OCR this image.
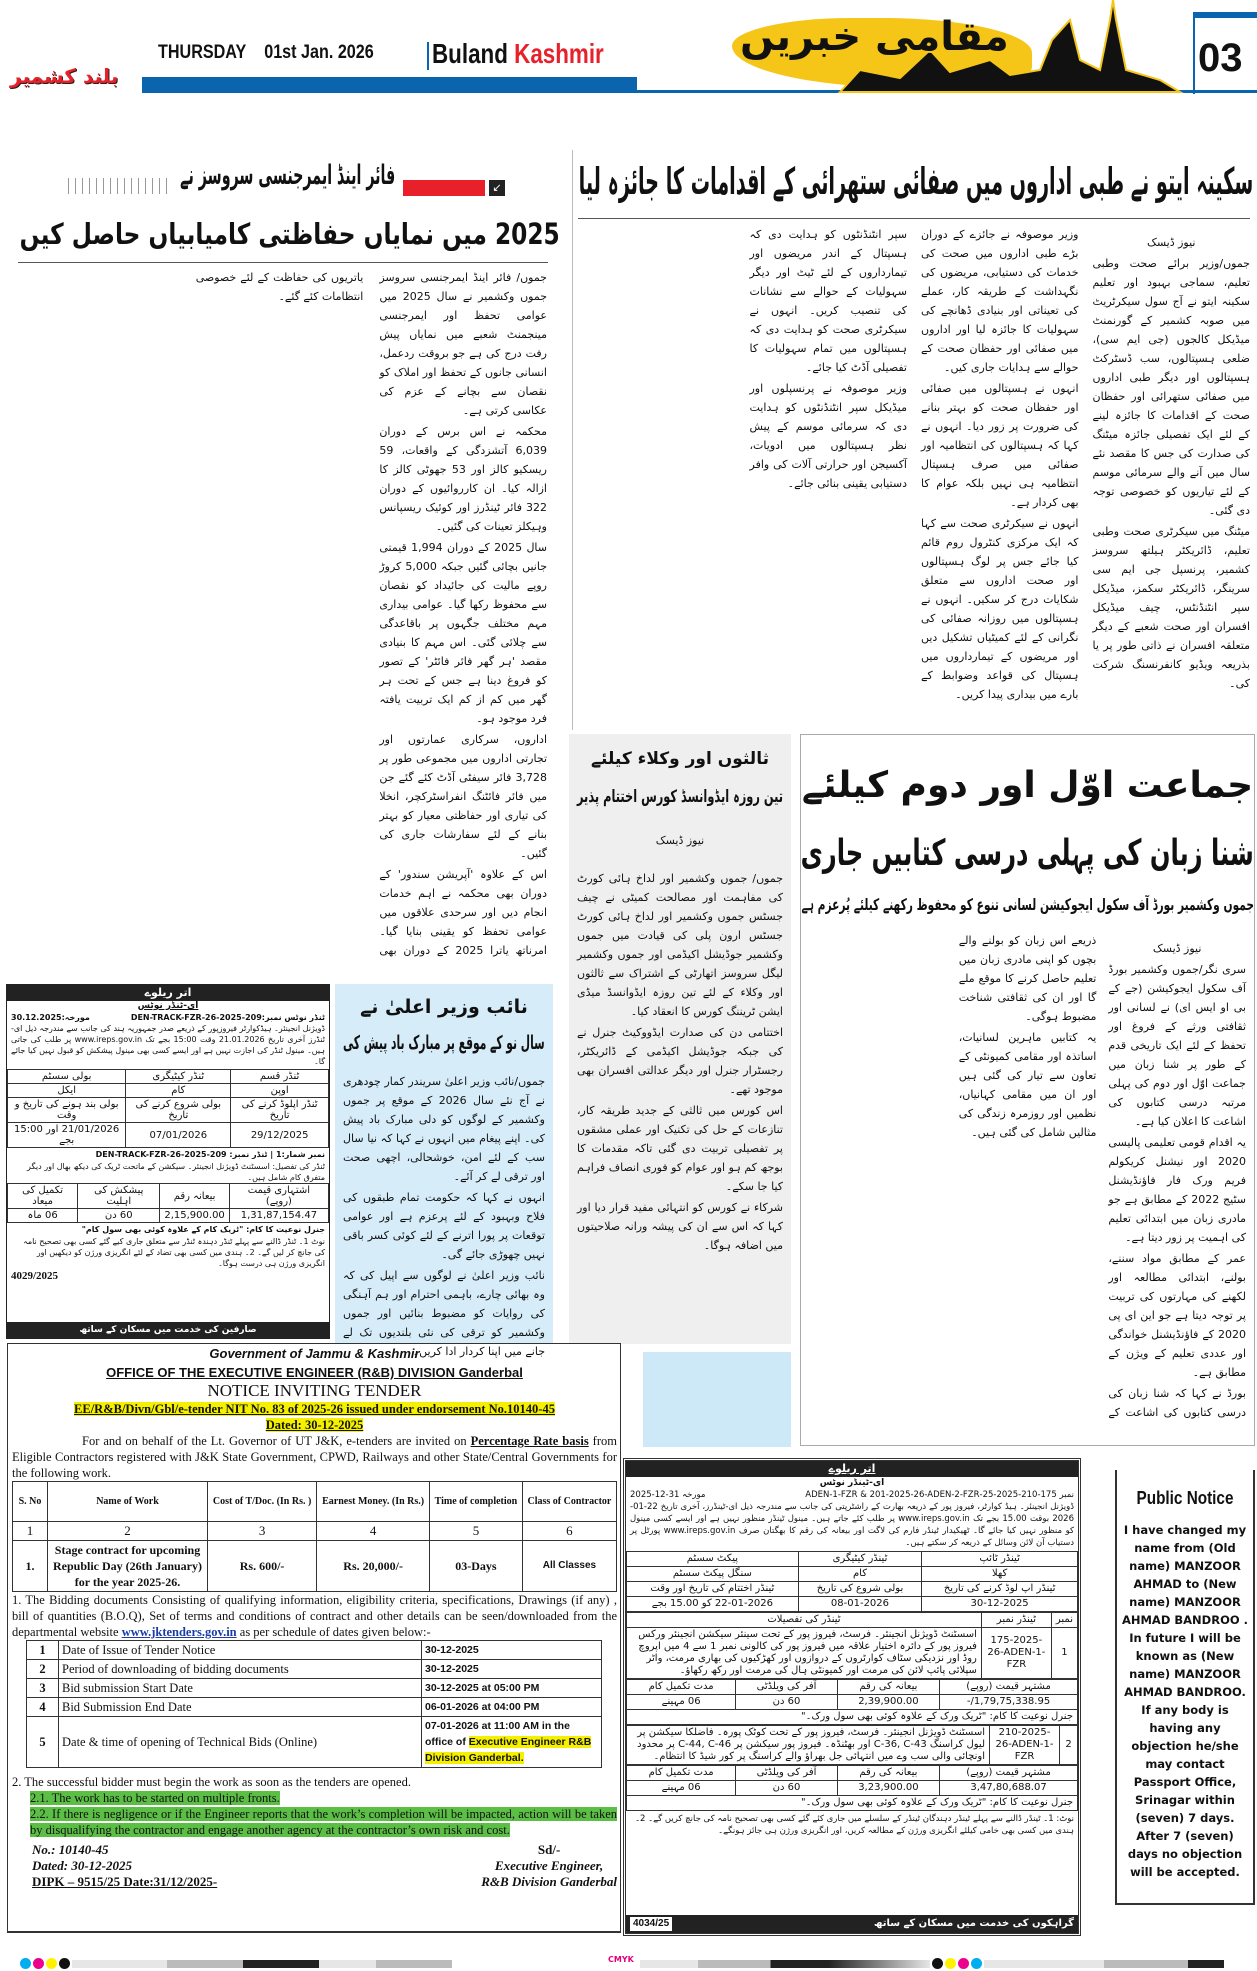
بلند کشمیر
THURSDAY 01st Jan. 2026 Buland Kashmir	مقامی خبریں	03
سکینہ ایتو نے طبی اداروں میں صفائی ستھرائی کے اقدامات کا جائزہ لیا

نیوز ڈیسک

جموں/وزیر برائے صحت وطبی تعلیم، سماجی بہبود اور تعلیم سکینہ ایتو نے آج سول سیکرٹریٹ میں صوبہ کشمیر کے گورنمنٹ میڈیکل کالجوں (جی ایم سی)، ضلعی ہسپتالوں، سب ڈسٹرکٹ ہسپتالوں اور دیگر طبی اداروں میں صفائی ستھرائی اور حفظان صحت کے اقدامات کا جائزہ لینے کے لئے ایک تفصیلی جائزہ میٹنگ کی صدارت کی جس کا مقصد نئے سال میں آنے والے سرمائی موسم کے لئے تیاریوں کو خصوصی توجہ دی گئی۔

میٹنگ میں سیکرٹری صحت وطبی تعلیم، ڈائریکٹر ہیلتھ سروسز کشمیر، پرنسپل جی ایم سی سرینگر، ڈائریکٹر سکمز، میڈیکل سپر انٹنڈنٹس، چیف میڈیکل افسران اور صحت شعبے کے دیگر متعلقہ افسران نے ذاتی طور پر یا بذریعہ ویڈیو کانفرنسنگ شرکت کی۔

وزیر موصوفہ نے جائزے کے دوران بڑے طبی اداروں میں صحت کی خدمات کی دستیابی، مریضوں کی نگہداشت کے طریقہ کار، عملے کی تعیناتی اور بنیادی ڈھانچے کی سہولیات کا جائزہ لیا اور اداروں میں صفائی اور حفظان صحت کے حوالے سے ہدایات جاری کیں۔

انہوں نے ہسپتالوں میں صفائی اور حفظان صحت کو بہتر بنانے کی ضرورت پر زور دیا۔ انہوں نے کہا کہ ہسپتالوں کی انتظامیہ اور صفائی میں صرف ہسپتال انتظامیہ ہی نہیں بلکہ عوام کا بھی کردار ہے۔

انہوں نے سیکرٹری صحت سے کہا کہ ایک مرکزی کنٹرول روم قائم کیا جائے جس پر لوگ ہسپتالوں اور صحت اداروں سے متعلق شکایات درج کر سکیں۔ انہوں نے ہسپتالوں میں روزانہ صفائی کی نگرانی کے لئے کمیٹیاں تشکیل دیں اور مریضوں کے تیمارداروں میں ہسپتال کی قواعد وضوابط کے بارے میں بیداری پیدا کریں۔

سپر انٹنڈنٹوں کو ہدایت دی کہ ہسپتال کے اندر مریضوں اور تیمارداروں کے لئے ٹیٹ اور دیگر سہولیات کے حوالے سے نشانات کی تنصیب کریں۔ انہوں نے سیکرٹری صحت کو ہدایت دی کہ ہسپتالوں میں تمام سہولیات کا تفصیلی آڈٹ کیا جائے۔

وزیر موصوفہ نے پرنسپلوں اور میڈیکل سپر انٹنڈنٹوں کو ہدایت دی کہ سرمائی موسم کے پیش نظر ہسپتالوں میں ادویات، آکسیجن اور حرارتی آلات کی وافر دستیابی یقینی بنائی جائے۔

فائر اینڈ ایمرجنسی سروسز نے	↙
2025 میں نمایاں حفاظتی کامیابیاں حاصل کیں

جموں/ فائر اینڈ ایمرجنسی سروسز جموں وکشمیر نے سال 2025 میں عوامی تحفظ اور ایمرجنسی مینجمنٹ شعبے میں نمایاں پیش رفت درج کی ہے جو بروقت ردعمل، انسانی جانوں کے تحفظ اور املاک کو نقصان سے بچانے کے عزم کی عکاسی کرتی ہے۔

محکمہ نے اس برس کے دوران 6,039 آتشزدگی کے واقعات، 59 ریسکیو کالز اور 53 جھوٹی کالز کا ازالہ کیا۔ ان کارروائیوں کے دوران 322 فائر ٹینڈرز اور کوئیک ریسپانس وہیکلز تعینات کی گئیں۔

سال 2025 کے دوران 1,994 قیمتی جانیں بچائی گئیں جبکہ 5,000 کروڑ روپے مالیت کی جائیداد کو نقصان سے محفوظ رکھا گیا۔ عوامی بیداری مہم مختلف جگہوں پر باقاعدگی سے چلائی گئی۔ اس مہم کا بنیادی مقصد 'ہر گھر فائر فائٹر' کے تصور کو فروغ دینا ہے جس کے تحت ہر گھر میں کم از کم ایک تربیت یافتہ فرد موجود ہو۔

اداروں، سرکاری عمارتوں اور تجارتی اداروں میں مجموعی طور پر 3,728 فائر سیفٹی آڈٹ کئے گئے جن میں فائر فائٹنگ انفراسٹرکچر، انخلا کی تیاری اور حفاظتی معیار کو بہتر بنانے کے لئے سفارشات جاری کی گئیں۔

اس کے علاوہ 'آپریشن سندور' کے دوران بھی محکمہ نے اہم خدمات انجام دیں اور سرحدی علاقوں میں عوامی تحفظ کو یقینی بنایا گیا۔ امرناتھ یاترا 2025 کے دوران بھی یاتریوں کی حفاظت کے لئے خصوصی انتظامات کئے گئے۔

جماعت اوّل اور دوم کیلئے
شنا زبان کی پہلی درسی کتابیں جاری
جموں وکشمیر بورڈ آف سکول ایجوکیشن لسانی تنوع کو محفوظ رکھنے کیلئے پُرعزم ہے

نیوز ڈیسک

سری نگر/جموں وکشمیر بورڈ آف سکول ایجوکیشن (جے کے بی او ایس ای) نے لسانی اور ثقافتی ورثے کے فروغ اور تحفظ کے لئے ایک تاریخی قدم کے طور پر شنا زبان میں جماعت اوّل اور دوم کی پہلی مرتبہ درسی کتابوں کی اشاعت کا اعلان کیا ہے۔

یہ اقدام قومی تعلیمی پالیسی 2020 اور نیشنل کریکولم فریم ورک فار فاؤنڈیشنل سٹیج 2022 کے مطابق ہے جو مادری زبان میں ابتدائی تعلیم کی اہمیت پر زور دیتا ہے۔

عمر کے مطابق مواد سننے، بولنے، ابتدائی مطالعہ اور لکھنے کی مہارتوں کی تربیت پر توجہ دیتا ہے جو این ای پی 2020 کے فاؤنڈیشنل خواندگی اور عددی تعلیم کے ویژن کے مطابق ہے۔

بورڈ نے کہا کہ شنا زبان کی درسی کتابوں کی اشاعت کے ذریعے اس زبان کو بولنے والے بچوں کو اپنی مادری زبان میں تعلیم حاصل کرنے کا موقع ملے گا اور ان کی ثقافتی شناخت مضبوط ہوگی۔

یہ کتابیں ماہرین لسانیات، اساتذہ اور مقامی کمیونٹی کے تعاون سے تیار کی گئی ہیں اور ان میں مقامی کہانیاں، نظمیں اور روزمرہ زندگی کی مثالیں شامل کی گئی ہیں۔

ثالثوں اور وکلاء کیلئے
تین روزہ ایڈوانسڈ کورس اختتام پذیر

نیوز ڈیسک

جموں/ جموں وکشمیر اور لداخ ہائی کورٹ کی مفاہمت اور مصالحت کمیٹی نے چیف جسٹس جموں وکشمیر اور لداخ ہائی کورٹ جسٹس ارون پلی کی قیادت میں جموں وکشمیر جوڈیشل اکیڈمی اور جموں وکشمیر لیگل سروسز اتھارٹی کے اشتراک سے ثالثوں اور وکلاء کے لئے تین روزہ ایڈوانسڈ میڈی ایشن ٹریننگ کورس کا انعقاد کیا۔

اختتامی دن کی صدارت ایڈووکیٹ جنرل نے کی جبکہ جوڈیشل اکیڈمی کے ڈائریکٹر، رجسٹرار جنرل اور دیگر عدالتی افسران بھی موجود تھے۔

اس کورس میں ثالثی کے جدید طریقہ کار، تنازعات کے حل کی تکنیک اور عملی مشقوں پر تفصیلی تربیت دی گئی تاکہ مقدمات کا بوجھ کم ہو اور عوام کو فوری انصاف فراہم کیا جا سکے۔

شرکاء نے کورس کو انتہائی مفید قرار دیا اور کہا کہ اس سے ان کی پیشہ ورانہ صلاحیتوں میں اضافہ ہوگا۔

نائب وزیر اعلیٰ نے
سال نو کے موقع پر مبارک باد پیش کی

جموں/نائب وزیر اعلیٰ سریندر کمار چودھری نے آج نئے سال 2026 کے موقع پر جموں وکشمیر کے لوگوں کو دلی مبارک باد پیش کی۔ اپنے پیغام میں انہوں نے کہا کہ نیا سال سب کے لئے امن، خوشحالی، اچھی صحت اور ترقی لے کر آئے۔

انہوں نے کہا کہ حکومت تمام طبقوں کی فلاح وبہبود کے لئے پرعزم ہے اور عوامی توقعات پر پورا اترنے کے لئے کوئی کسر باقی نہیں چھوڑی جائے گی۔

نائب وزیر اعلیٰ نے لوگوں سے اپیل کی کہ وہ بھائی چارے، باہمی احترام اور ہم آہنگی کی روایات کو مضبوط بنائیں اور جموں وکشمیر کو ترقی کی نئی بلندیوں تک لے جانے میں اپنا کردار ادا کریں۔

اتر ریلوے
ای-ٹنڈر نوٹس
ٹنڈر نوٹس نمبر:209-2025-26-DEN-TRACK-FZR
مورخہ:30.12.2025
ڈویژنل انجینئر۔ ہیڈکوارٹر فیروزپور کے ذریعے صدر جمہوریہ ہند کی جانب سے مندرجہ ذیل ای-ٹنڈرز آخری تاریخ 21.01.2026 وقت 15:00 بجے تک www.ireps.gov.in پر طلب کی جاتی ہیں۔ مینول ٹنڈر کی اجازت نہیں ہے اور ایسے کسی بھی مینول پیشکش کو قبول نہیں کیا جائے گا۔
ٹنڈر قسم	ٹنڈر کیٹیگری	بولی سسٹم
اوپن	کام	ایکل
ٹنڈر اپلوڈ کرنے کی تاریخ	بولی شروع کرنے کی تاریخ	بولی بند ہونے کی تاریخ و وقت
29/12/2025	07/01/2026	21/01/2026 اور 15:00 بجے
نمبر شمار:1 | ٹنڈر نمبر: 209-2025-26-DEN-TRACK-FZR
ٹنڈر کی تفصیل: اسسٹنٹ ڈویژنل انجینئر۔ سیکشن کے ماتحت ٹریک کی دیکھ بھال اور دیگر متفرق کام شامل ہیں۔
اشتہاری قیمت (روپے)	بیعانہ رقم	پیشکش کی اہلیت	تکمیل کی میعاد
1,31,87,154.47	2,15,900.00	60 دن	06 ماہ
جنرل نوعیت کا کام: "ٹریک کام کے علاوہ کوئی بھی سول کام"
نوٹ 1۔ ٹنڈر ڈالنے سے پہلے ٹنڈر دہندہ ٹنڈر سے متعلق جاری کیے گئے کسی بھی تصحیح نامہ کی جانچ کر لیں گے۔ 2۔ ہندی میں کسی بھی تضاد کے لئے انگریزی ورژن کو دیکھیں اور انگریزی ورژن ہی درست ہوگا۔
4029/2025
صارفین کی خدمت میں مسکان کے ساتھ
Government of Jammu & Kashmir
OFFICE OF THE EXECUTIVE ENGINEER (R&B) DIVISION Ganderbal
NOTICE INVITING TENDER
EE/R&B/Divn/Gbl/e-tender NIT No. 83 of 2025-26 issued under endorsement No.10140-45
Dated: 30-12-2025
For and on behalf of the Lt. Governor of UT J&K, e-tenders are invited on Percentage Rate basis from Eligible Contractors registered with J&K State Government, CPWD, Railways and other State/Central Governments for the following work.
S. No	Name of Work	Cost of T/Doc. (In Rs. )	Earnest Money. (In Rs.)	Time of completion	Class of Contractor
1	2	3	4	5	6
1.	Stage contract for upcoming Republic Day (26th January) for the year 2025-26.	Rs. 600/-	Rs. 20,000/-	03-Days	All Classes
1. The Bidding documents Consisting of qualifying information, eligibility criteria, specifications, Drawings (if any) , bill of quantities (B.O.Q), Set of terms and conditions of contract and other details can be seen/downloaded from the departmental website www.jktenders.gov.in as per schedule of dates given below:-
1	Date of Issue of Tender Notice	30-12-2025
2	Period of downloading of bidding documents	30-12-2025
3	Bid submission Start Date	30-12-2025 at 05:00 PM
4	Bid Submission End Date	06-01-2026 at 04:00 PM
5	Date & time of opening of Technical Bids (Online)	07-01-2026 at 11:00 AM in the office of Executive Engineer R&B Division Ganderbal.
2. The successful bidder must begin the work as soon as the tenders are opened.
2.1. The work has to be started on multiple fronts.
2.2. If there is negligence or if the Engineer reports that the work’s completion will be impacted, action will be taken by disqualifying the contractor and engage another agency at the contractor’s own risk and cost.
No.: 10140-45
Dated: 30-12-2025
DIPK – 9515/25 Date:31/12/2025-
Sd/-
Executive Engineer,
R&B Division Ganderbal
اتر ریلوے
ای-ٹینڈر نوٹس
نمبر 175-210-2025-25-ADEN-1-FZR & 201-2025-26-ADEN-2-FZR
مورخہ 31-12-2025
ڈویژنل انجینئر۔ ہیڈ کوارٹر، فیروز پور کے ذریعہ بھارت کے راشٹرپتی کی جانب سے مندرجہ ذیل ای-ٹینڈرز، آخری تاریخ 22-01-2026 بوقت 15.00 بجے تک www.ireps.gov.in پر طلب کئے جاتے ہیں۔ مینول ٹینڈر منظور نہیں ہے اور ایسے کسی مینول کو منظور نہیں کیا جائے گا۔ ٹھیکیدار ٹینڈر فارم کی لاگت اور بیعانہ کی رقم کا بھگتان صرف www.ireps.gov.in پورٹل پر دستیاب آن لائن وسائل کے ذریعہ کر سکتے ہیں۔
ٹینڈر ٹائپ	ٹینڈر کیٹیگری	پیکٹ سسٹم
کھلا	کام	سنگل پیکٹ سسٹم
ٹینڈر اپ لوڈ کرنے کی تاریخ	بولی شروع کی تاریخ	ٹینڈر اختتام کی تاریخ اور وقت
30-12-2025	08-01-2026	22-01-2026 کو 15.00 بجے
نمبر	ٹینڈر نمبر	ٹینڈر کی تفصیلات
1	175-2025-26-ADEN-1-FZR	اسسٹنٹ ڈویژنل انجینئر۔ فرسٹ، فیروز پور کے تحت سینئر سیکشن انجینئر ورکس فیروز پور کے دائرہ اختیار علاقہ میں فیروز پور کی کالونی نمبر 1 سے 4 میں اپروچ روڈ اور نزدیکی سٹاف کوارٹروں کے دروازوں اور کھڑکیوں کی بھاری مرمت، واٹر سپلائی پائپ لائن کی مرمت اور کمیونٹی ہال کی مرمت اور رکھ رکھاؤ۔
مشتہر قیمت (روپے)	بیعانہ کی رقم	آفر کی ویلڈٹی	مدت تکمیل کام
1,79,75,338.95/-	2,39,900.00	60 دن	06 مہینے
جنرل نوعیت کا کام: "ٹریک ورک کے علاوہ کوئی بھی سول ورک۔"			
2	210-2025-26-ADEN-1-FZR	اسسٹنٹ ڈویژنل انجینئر۔ فرسٹ، فیروز پور کے تحت کوٹک پورہ۔ فاضلکا سیکشن پر لیول کراسنگ C-36, C-43 اور بھٹنڈہ۔ فیروز پور سیکشن پر C-44, C-46 پر محدود اونچائی والی سب وے میں انتہائی جل بھراؤ والے کراسنگ پر کور شیڈ کا انتظام۔
مشتہر قیمت (روپے)	بیعانہ کی رقم	آفر کی ویلڈٹی	مدت تکمیل کام
3,47,80,688.07	3,23,900.00	60 دن	06 مہینے
جنرل نوعیت کا کام: "ٹریک ورک کے علاوہ کوئی بھی سول ورک۔"			
نوٹ: 1۔ ٹینڈر ڈالنے سے پہلے ٹینڈر دہندگان ٹینڈر کے سلسلے میں جاری کئے گئے کسی بھی تصحیح نامہ کی جانچ کریں گے۔ 2۔ ہندی میں کسی بھی خامی کیلئے انگریزی ورژن کے مطالعہ کریں، اور انگریزی ورژن ہی جائز ہونگے۔
گراہکوں کی خدمت میں مسکان کے ساتھ
4034/25
Public Notice
I have changed my name from (Old name) MANZOOR AHMAD to (New name) MANZOOR AHMAD BANDROO . In future I will be known as (New name) MANZOOR AHMAD BANDROO. If any body is having any objection he/she may contact Passport Office, Srinagar within (seven) 7 days. After 7 (seven) days no objection will be accepted.
CMYK
